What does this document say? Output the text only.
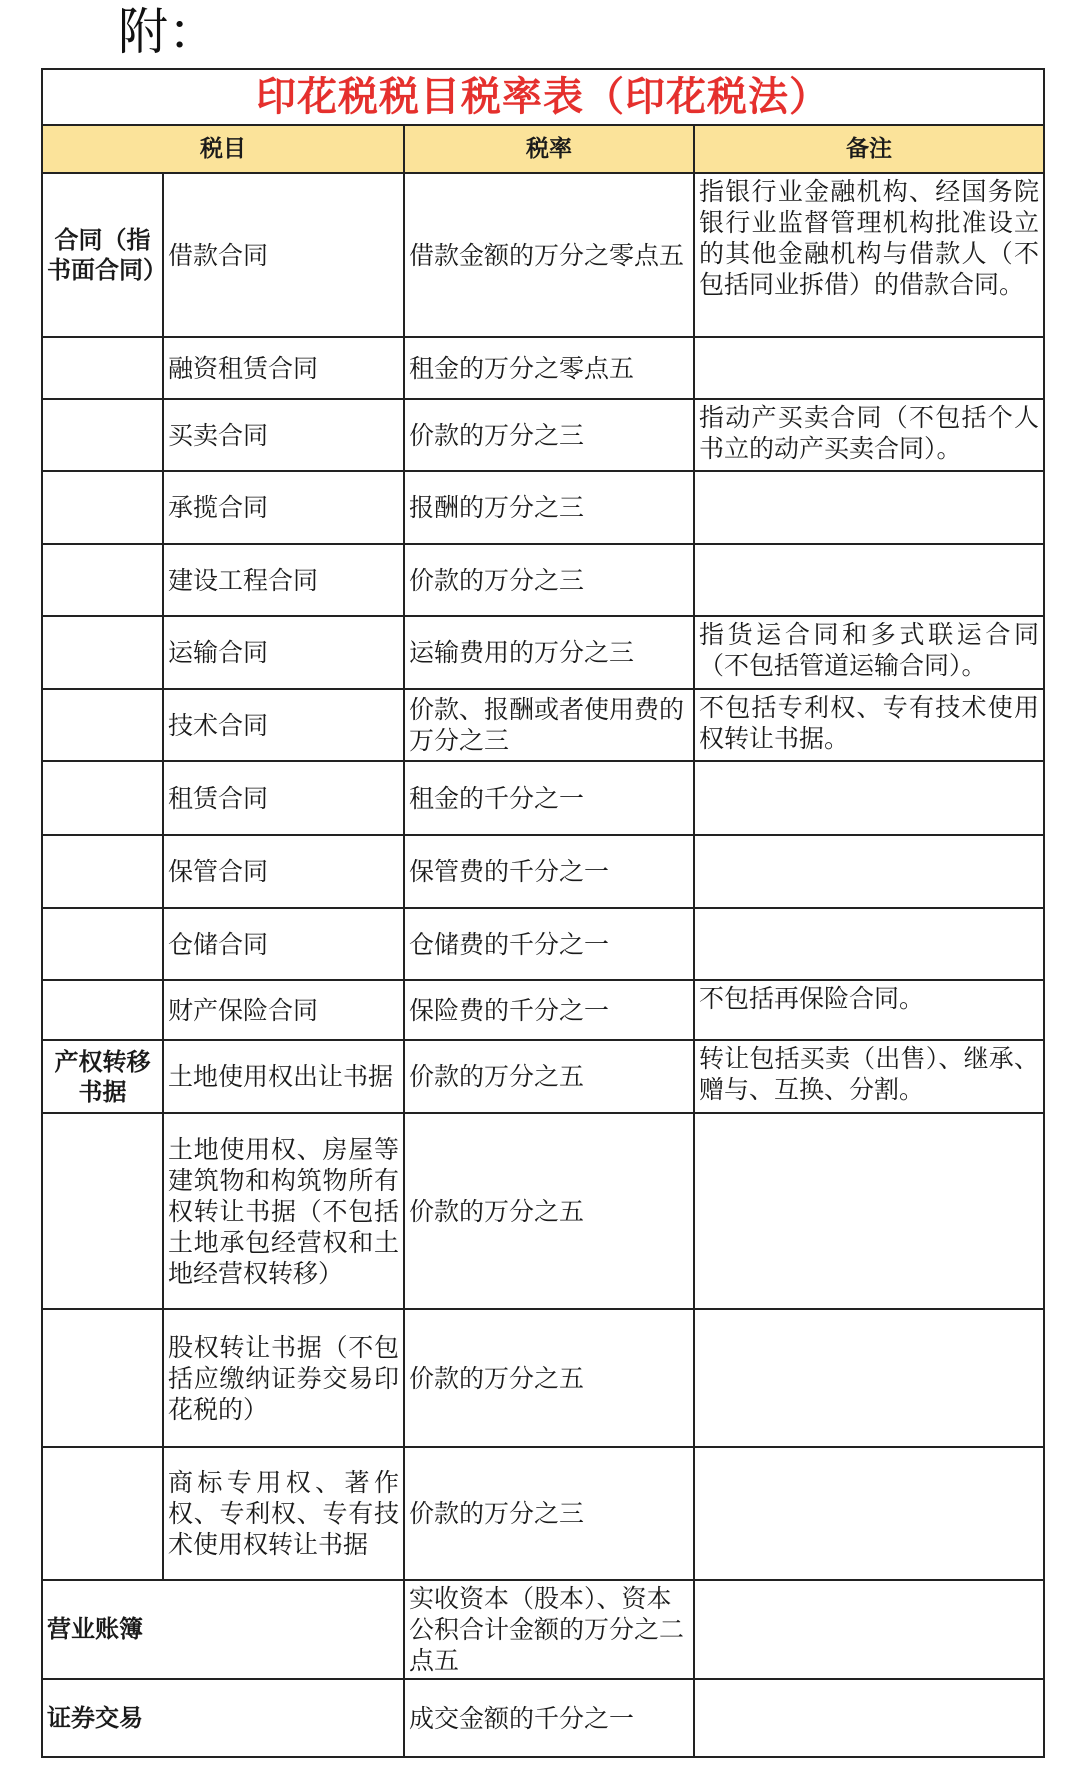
附：
印花税税目税率表（印花税法）			
税目		税率	备注
合同（指书面合同）	借款合同	借款金额的万分之零点五	指银行业金融机构、经国务院银行业监督管理机构批准设立的其他金融机构与借款人（不包括同业拆借）的借款合同。
	融资租赁合同	租金的万分之零点五	
	买卖合同	价款的万分之三	指动产买卖合同（不包括个人书立的动产买卖合同）。
	承揽合同	报酬的万分之三	
	建设工程合同	价款的万分之三	
	运输合同	运输费用的万分之三	指货运合同和多式联运合同（不包括管道运输合同）。
	技术合同	价款、报酬或者使用费的万分之三	不包括专利权、专有技术使用权转让书据。
	租赁合同	租金的千分之一	
	保管合同	保管费的千分之一	
	仓储合同	仓储费的千分之一	
	财产保险合同	保险费的千分之一	不包括再保险合同。
产权转移书据	土地使用权出让书据	价款的万分之五	转让包括买卖（出售）、继承、赠与、互换、分割。
	土地使用权、房屋等建筑物和构筑物所有权转让书据（不包括土地承包经营权和土地经营权转移）	价款的万分之五	
	股权转让书据（不包括应缴纳证券交易印花税的）	价款的万分之五	
	商标专用权、著作权、专利权、专有技术使用权转让书据	价款的万分之三	
营业账簿		实收资本（股本）、资本公积合计金额的万分之二点五	
证券交易		成交金额的千分之一	
